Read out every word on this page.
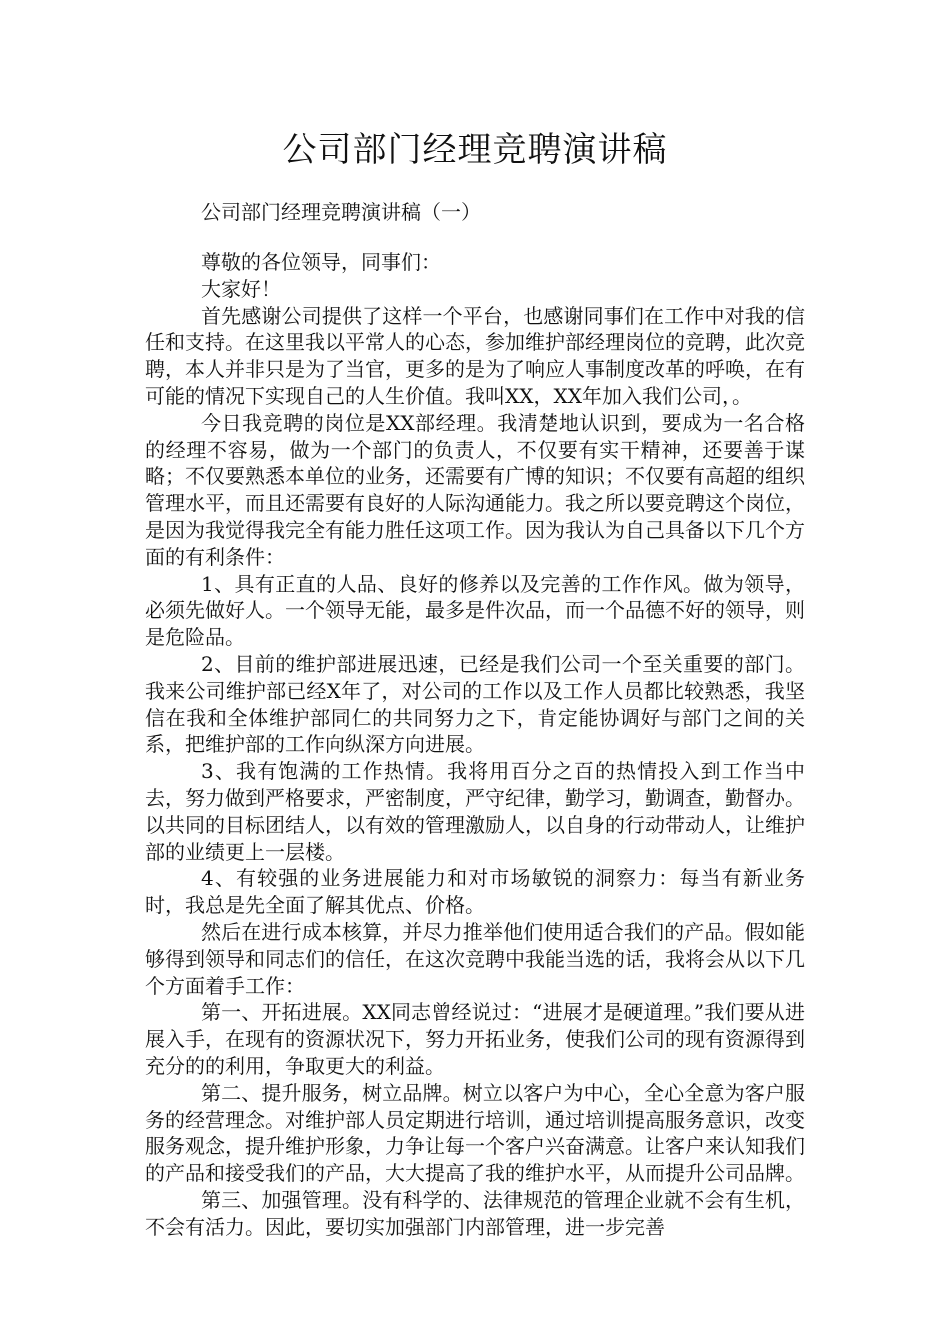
公司部门经理竞聘演讲稿

公司部门经理竞聘演讲稿（一）

尊敬的各位领导，同事们：

大家好！

首先感谢公司提供了这样一个平台，也感谢同事们在工作中对我的信任和支持。在这里我以平常人的心态，参加维护部经理岗位的竞聘，此次竞聘，本人并非只是为了当官，更多的是为了响应人事制度改革的呼唤，在有可能的情况下实现自己的人生价值。我叫XX，XX年加入我们公司，。

今日我竞聘的岗位是XX部经理。我清楚地认识到，要成为一名合格的经理不容易，做为一个部门的负责人，不仅要有实干精神，还要善于谋略；不仅要熟悉本单位的业务，还需要有广博的知识；不仅要有高超的组织管理水平，而且还需要有良好的人际沟通能力。我之所以要竞聘这个岗位，是因为我觉得我完全有能力胜任这项工作。因为我认为自己具备以下几个方面的有利条件：

1、具有正直的人品、良好的修养以及完善的工作作风。做为领导，必须先做好人。一个领导无能，最多是件次品，而一个品德不好的领导，则是危险品。

2、目前的维护部进展迅速，已经是我们公司一个至关重要的部门。我来公司维护部已经X年了，对公司的工作以及工作人员都比较熟悉，我坚信在我和全体维护部同仁的共同努力之下，肯定能协调好与部门之间的关系，把维护部的工作向纵深方向进展。

3、我有饱满的工作热情。我将用百分之百的热情投入到工作当中去，努力做到严格要求，严密制度，严守纪律，勤学习，勤调查，勤督办。以共同的目标团结人，以有效的管理激励人，以自身的行动带动人，让维护部的业绩更上一层楼。

4、有较强的业务进展能力和对市场敏锐的洞察力：每当有新业务时，我总是先全面了解其优点、价格。

然后在进行成本核算，并尽力推举他们使用适合我们的产品。假如能够得到领导和同志们的信任，在这次竞聘中我能当选的话，我将会从以下几个方面着手工作：

第一、开拓进展。XX同志曾经说过：“进展才是硬道理。”我们要从进展入手，在现有的资源状况下，努力开拓业务，使我们公司的现有资源得到充分的的利用，争取更大的利益。

第二、提升服务，树立品牌。树立以客户为中心，全心全意为客户服务的经营理念。对维护部人员定期进行培训，通过培训提高服务意识，改变服务观念，提升维护形象，力争让每一个客户兴奋满意。让客户来认知我们的产品和接受我们的产品，大大提高了我的维护水平，从而提升公司品牌。

第三、加强管理。没有科学的、法律规范的管理企业就不会有生机，不会有活力。因此，要切实加强部门内部管理，进一步完善
